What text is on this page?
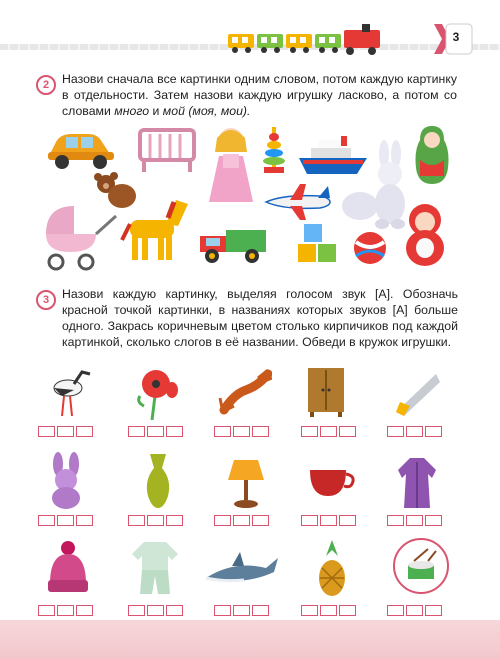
3
2	Назови сначала все картинки одним словом, потом каждую картинку в отдельности. Затем назови каждую игрушку ласково, а потом со словами много и мой (моя, мои).
3	Назови каждую картинку, выделяя голосом звук [А]. Обозначь красной точкой картинки, в названиях которых звуков [А] больше одного. Закрась коричневым цветом столько кирпичиков под каждой картинкой, сколько слогов в её названии. Обведи в кружок игрушки.
